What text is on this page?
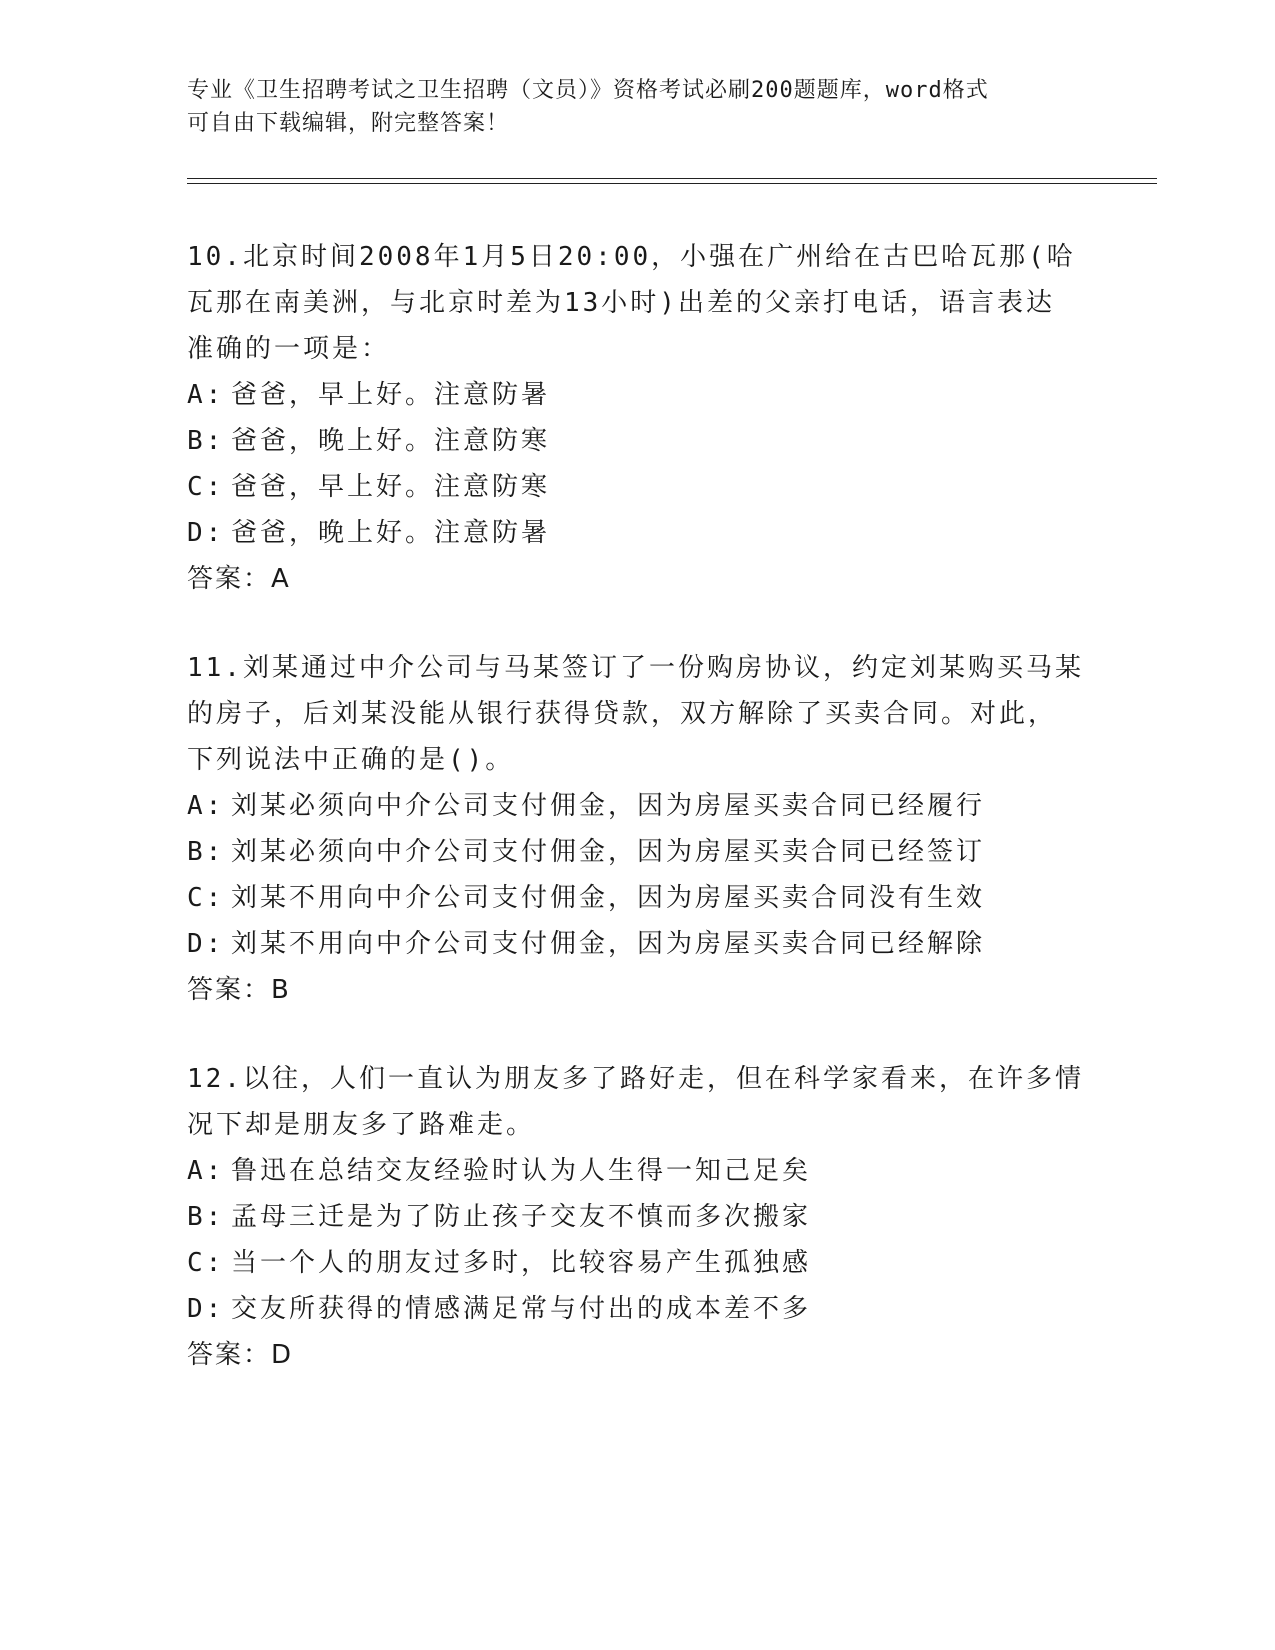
专业《卫生招聘考试之卫生招聘（文员）》资格考试必刷200题题库，word格式
可自由下载编辑，附完整答案！
10.北京时间2008年1月5日20:00，小强在广州给在古巴哈瓦那(哈
瓦那在南美洲，与北京时差为13小时)出差的父亲打电话，语言表达
准确的一项是：
A: 爸爸，早上好。注意防暑
B: 爸爸，晚上好。注意防寒
C: 爸爸，早上好。注意防寒
D: 爸爸，晚上好。注意防暑
答案：A
11.刘某通过中介公司与马某签订了一份购房协议，约定刘某购买马某
的房子，后刘某没能从银行获得贷款，双方解除了买卖合同。对此，
下列说法中正确的是()。
A: 刘某必须向中介公司支付佣金，因为房屋买卖合同已经履行
B: 刘某必须向中介公司支付佣金，因为房屋买卖合同已经签订
C: 刘某不用向中介公司支付佣金，因为房屋买卖合同没有生效
D: 刘某不用向中介公司支付佣金，因为房屋买卖合同已经解除
答案：B
12.以往，人们一直认为朋友多了路好走，但在科学家看来，在许多情
况下却是朋友多了路难走。
A: 鲁迅在总结交友经验时认为人生得一知己足矣
B: 孟母三迁是为了防止孩子交友不慎而多次搬家
C: 当一个人的朋友过多时，比较容易产生孤独感
D: 交友所获得的情感满足常与付出的成本差不多
答案：D
